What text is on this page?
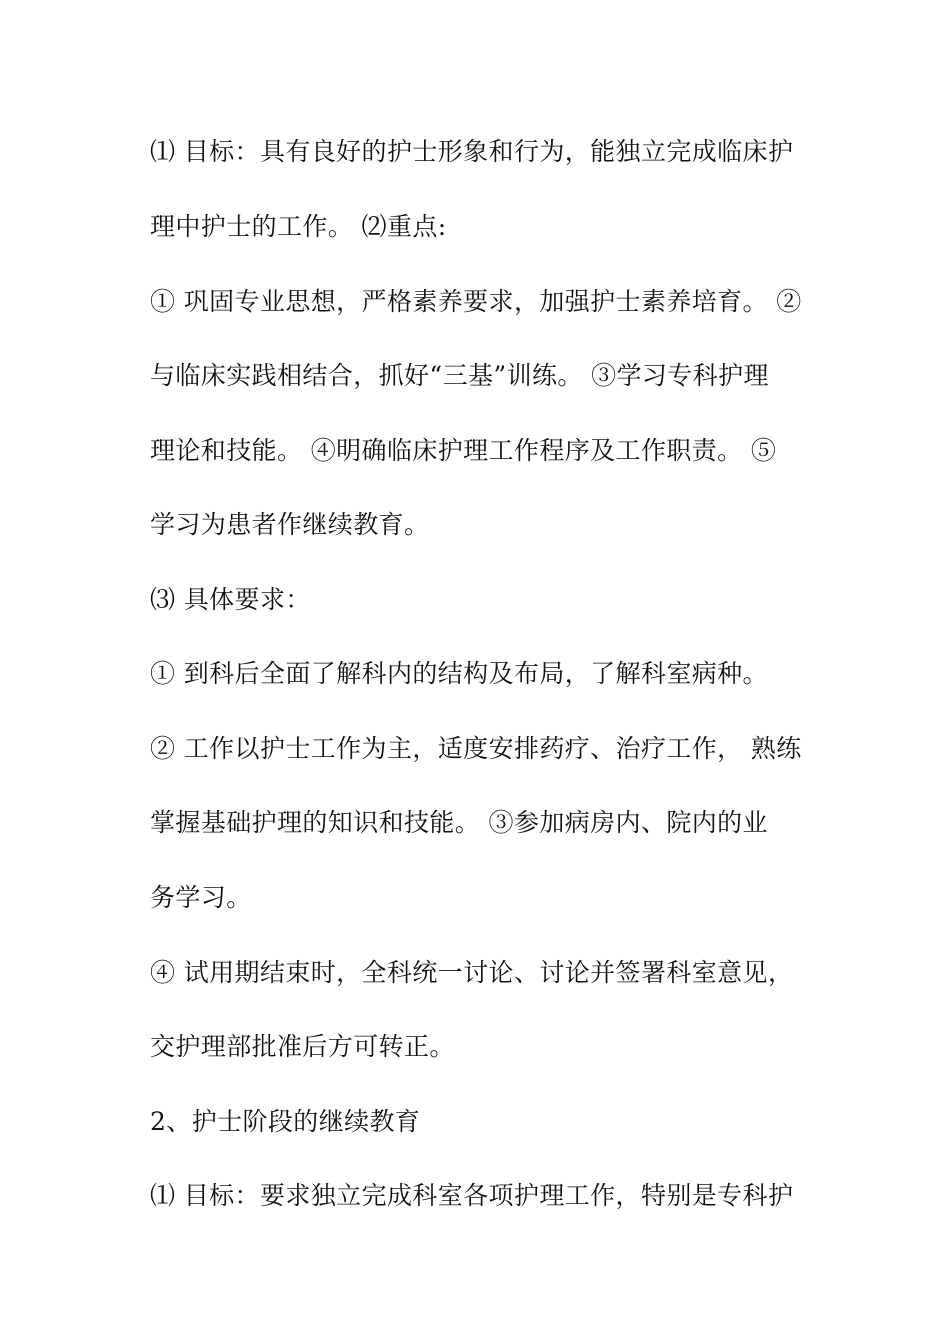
⑴ 目标：具有良好的护士形象和行为，能独立完成临床护
理中护士的工作。 ⑵重点:
① 巩固专业思想，严格素养要求，加强护士素养培育。 ②
与临床实践相结合，抓好“三基”训练。 ③学习专科护理
理论和技能。 ④明确临床护理工作程序及工作职责。 ⑤
学习为患者作继续教育。
⑶ 具体要求：
① 到科后全面了解科内的结构及布局，了解科室病种。
② 工作以护士工作为主，适度安排药疗、治疗工作， 熟练
掌握基础护理的知识和技能。 ③参加病房内、院内的业
务学习。
④ 试用期结束时，全科统一讨论、讨论并签署科室意见，
交护理部批准后方可转正。
2、护士阶段的继续教育
⑴ 目标：要求独立完成科室各项护理工作，特别是专科护
